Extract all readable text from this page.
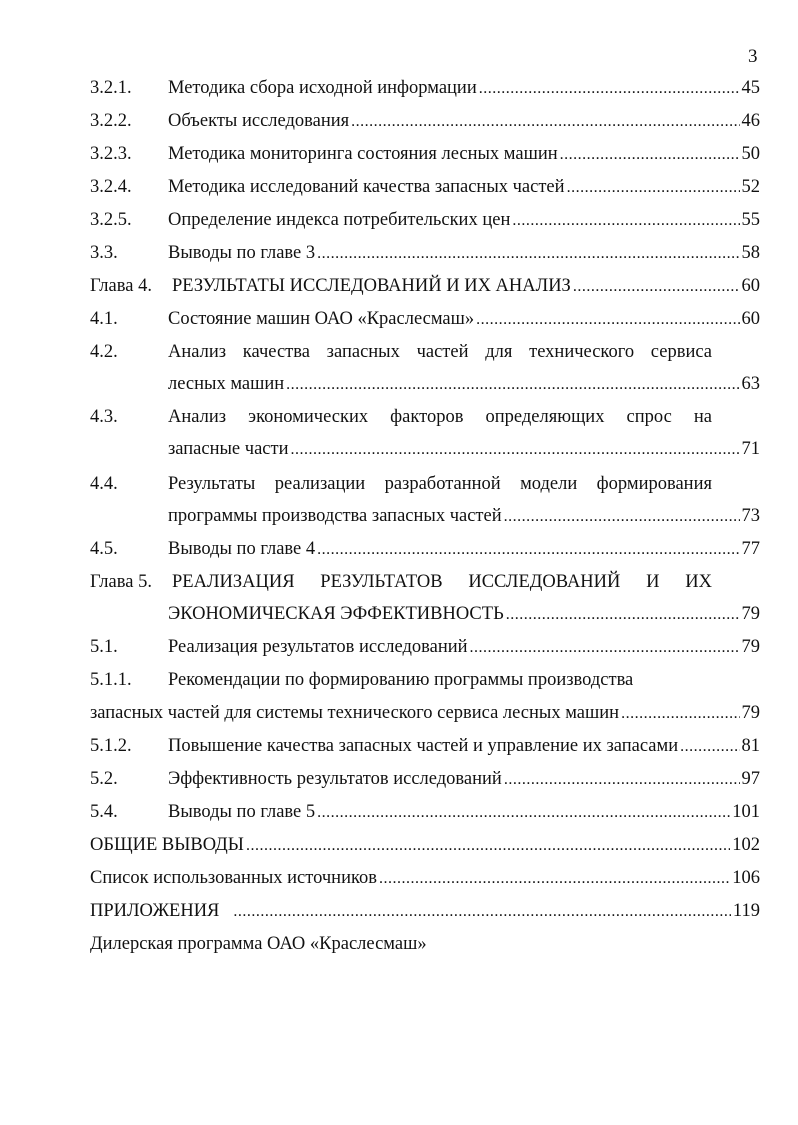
3
3.2.1.	Методика сбора исходной информации .....	45
3.2.2.	Объекты исследования .....	46
3.2.3.	Методика мониторинга состояния лесных машин .....	50
3.2.4.	Методика исследований качества запасных частей .....	52
3.2.5.	Определение индекса потребительских цен .....	55
3.3.	Выводы по главе 3 .....	58
Глава 4.	РЕЗУЛЬТАТЫ ИССЛЕДОВАНИЙ И ИХ АНАЛИЗ .....	60
4.1.	Состояние машин ОАО «Краслесмаш» .....	60
4.2.	Анализ качества запасных частей для технического сервиса
лесных машин .....	63
4.3.	Анализ экономических факторов определяющих спрос на
запасные части .....	71
4.4.	Результаты реализации разработанной модели формирования
программы производства запасных частей .....	73
4.5.	Выводы по главе 4 .....	77
Глава 5.	РЕАЛИЗАЦИЯ РЕЗУЛЬТАТОВ ИССЛЕДОВАНИЙ И ИХ
ЭКОНОМИЧЕСКАЯ ЭФФЕКТИВНОСТЬ .....	79
5.1.	Реализация результатов исследований .....	79
5.1.1.	Рекомендации по формированию программы производства
запасных частей для системы технического сервиса лесных машин .....	79
5.1.2.	Повышение качества запасных частей и управление их запасами .....	81
5.2.	Эффективность результатов исследований .....	97
5.4.	Выводы по главе 5 .....	101
ОБЩИЕ ВЫВОДЫ .....	102
Список использованных источников .....	106
ПРИЛОЖЕНИЯ .....	119
Дилерская программа ОАО «Краслесмаш»
